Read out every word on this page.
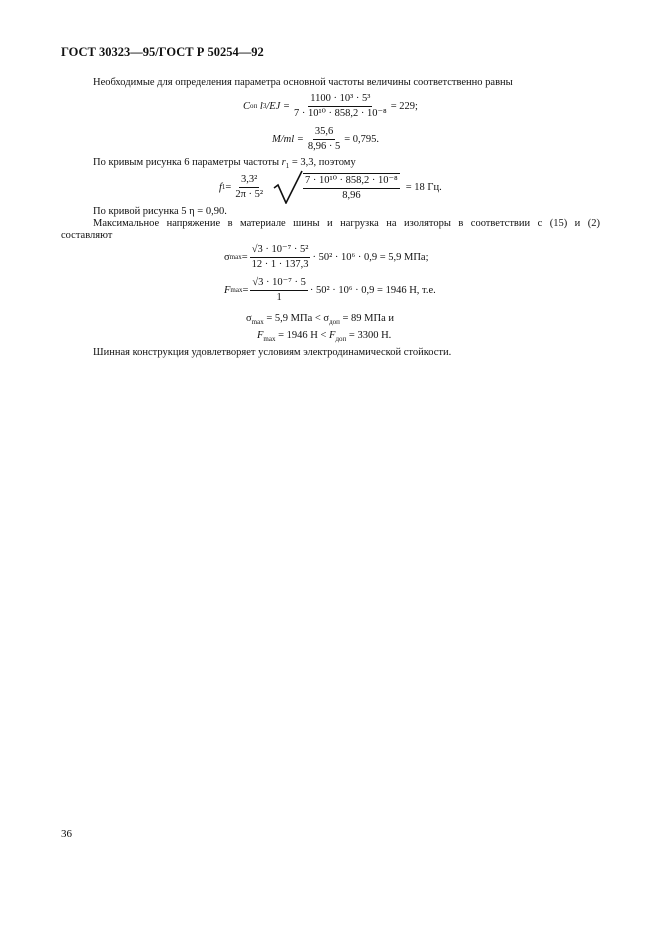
ГОСТ 30323—95/ГОСТ Р 50254—92
Необходимые для определения параметра основной частоты величины соответственно равны
C оп
l 3 $/EJ = \frac{\text{1100 · 10³ · 5³}}{\text{7 · 10¹⁰ · 858,2 · 10⁻⁸}} = 229$;
$M/ml = \frac{35,6}{8,96 \cdot 5} = 0,795$.
По кривым рисунка 6 параметры частоты $r_1 = 3,3$, поэтому
f $1 = \frac{\text{3,3²}}{\text{2π · 5²}}$	$\frac{\text{7 · 10¹⁰ · 858,2 · 10⁻⁸}}{8,96} = 18$ Гц.
По кривой рисунка 5 η = 0,90.
Максимальное напряжение в материале шины и нагрузка на изоляторы в соответствии с (15) и (2)
составляют
σ $\max = \frac{\text{√3 · 10⁻⁷ · 5²}}{12 \cdot 1 \cdot 137,3} \cdot 50^2 \cdot 10^6 \cdot 0,9 = 5,9$ МПа;
F $\max = \frac{\text{√3 · 10⁻⁷ · 5}}{1} \cdot 50^2 \cdot 10^6 \cdot 0,9 = 1946$ Н, т.е.
$\sigma_{max} = 5,9$ МПа < $\sigma_{доп} = 89$ МПа и
$F_{max} = 1946$ $Н < F_{доп} = 3300$ Н.
Шинная конструкция удовлетворяет условиям электродинамической стойкости.
36
